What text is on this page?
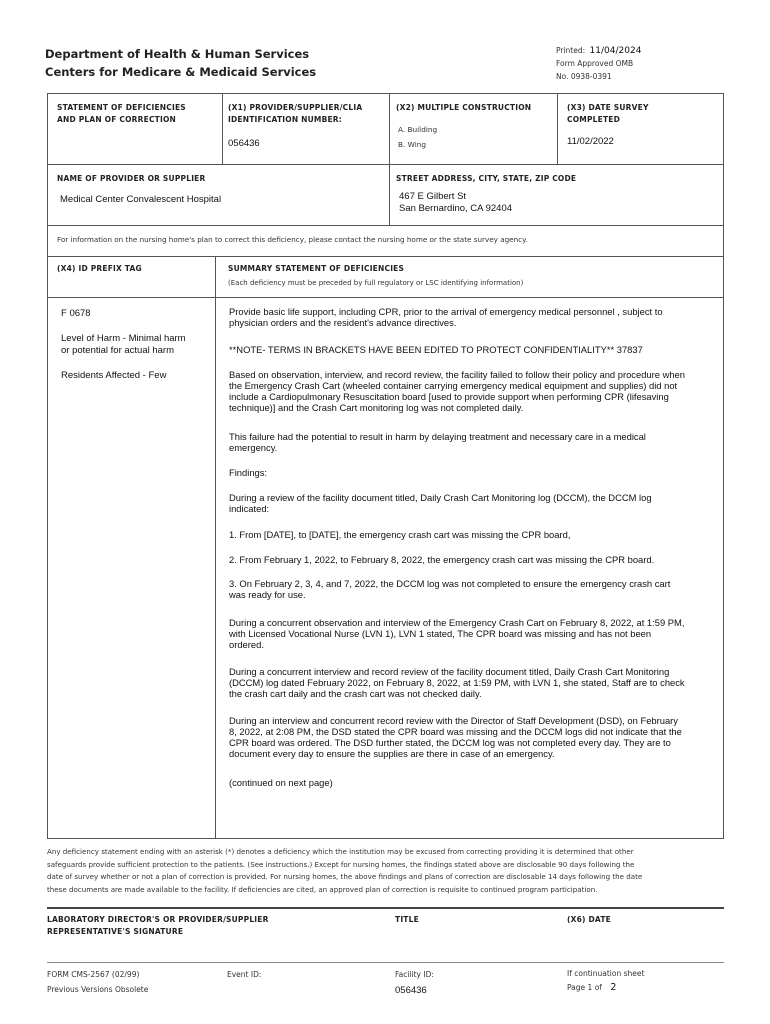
Department of Health & Human Services
Centers for Medicare & Medicaid Services
Printed: 11/04/2024
Form Approved OMB
No. 0938-0391
STATEMENT OF DEFICIENCIES
AND PLAN OF CORRECTION
(X1) PROVIDER/SUPPLIER/CLIA
IDENTIFICATION NUMBER:
056436
(X2) MULTIPLE CONSTRUCTION
A. Building
B. Wing
(X3) DATE SURVEY
COMPLETED
11/02/2022
NAME OF PROVIDER OR SUPPLIER
Medical Center Convalescent Hospital
STREET ADDRESS, CITY, STATE, ZIP CODE
467 E Gilbert St
San Bernardino, CA 92404
For information on the nursing home's plan to correct this deficiency, please contact the nursing home or the state survey agency.
(X4) ID PREFIX TAG	SUMMARY STATEMENT OF DEFICIENCIES
(Each deficiency must be preceded by full regulatory or LSC identifying information)
F 0678
Level of Harm - Minimal harm
or potential for actual harm
Residents Affected - Few
Provide basic life support, including CPR, prior to the arrival of emergency medical personnel , subject to physician orders and the resident's advance directives.
**NOTE- TERMS IN BRACKETS HAVE BEEN EDITED TO PROTECT CONFIDENTIALITY** 37837
Based on observation, interview, and record review, the facility failed to follow their policy and procedure when the Emergency Crash Cart (wheeled container carrying emergency medical equipment and supplies) did not include a Cardiopulmonary Resuscitation board [used to provide support when performing CPR (lifesaving technique)] and the Crash Cart monitoring log was not completed daily.
This failure had the potential to result in harm by delaying treatment and necessary care in a medical emergency.
Findings:
During a review of the facility document titled, Daily Crash Cart Monitoring log (DCCM), the DCCM log indicated:
1. From [DATE], to [DATE], the emergency crash cart was missing the CPR board,
2. From February 1, 2022, to February 8, 2022, the emergency crash cart was missing the CPR board.
3. On February 2, 3, 4, and 7, 2022, the DCCM log was not completed to ensure the emergency crash cart was ready for use.
During a concurrent observation and interview of the Emergency Crash Cart on February 8, 2022, at 1:59 PM, with Licensed Vocational Nurse (LVN 1), LVN 1 stated, The CPR board was missing and has not been ordered.
During a concurrent interview and record review of the facility document titled, Daily Crash Cart Monitoring (DCCM) log dated February 2022, on February 8, 2022, at 1:59 PM, with LVN 1, she stated, Staff are to check the crash cart daily and the crash cart was not checked daily.
During an interview and concurrent record review with the Director of Staff Development (DSD), on February 8, 2022, at 2:08 PM, the DSD stated the CPR board was missing and the DCCM logs did not indicate that the CPR board was ordered. The DSD further stated, the DCCM log was not completed every day. They are to document every day to ensure the supplies are there in case of an emergency.
(continued on next page)
Any deficiency statement ending with an asterisk (*) denotes a deficiency which the institution may be excused from correcting providing it is determined that other
safeguards provide sufficient protection to the patients. (See instructions.) Except for nursing homes, the findings stated above are disclosable 90 days following the
date of survey whether or not a plan of correction is provided. For nursing homes, the above findings and plans of correction are disclosable 14 days following the date
these documents are made available to the facility. If deficiencies are cited, an approved plan of correction is requisite to continued program participation.
LABORATORY DIRECTOR'S OR PROVIDER/SUPPLIER
REPRESENTATIVE'S SIGNATURE
TITLE	(X6) DATE
FORM CMS-2567 (02/99)
Previous Versions Obsolete
Event ID:	Facility ID:
056436
If continuation sheet
Page 1 of 2
